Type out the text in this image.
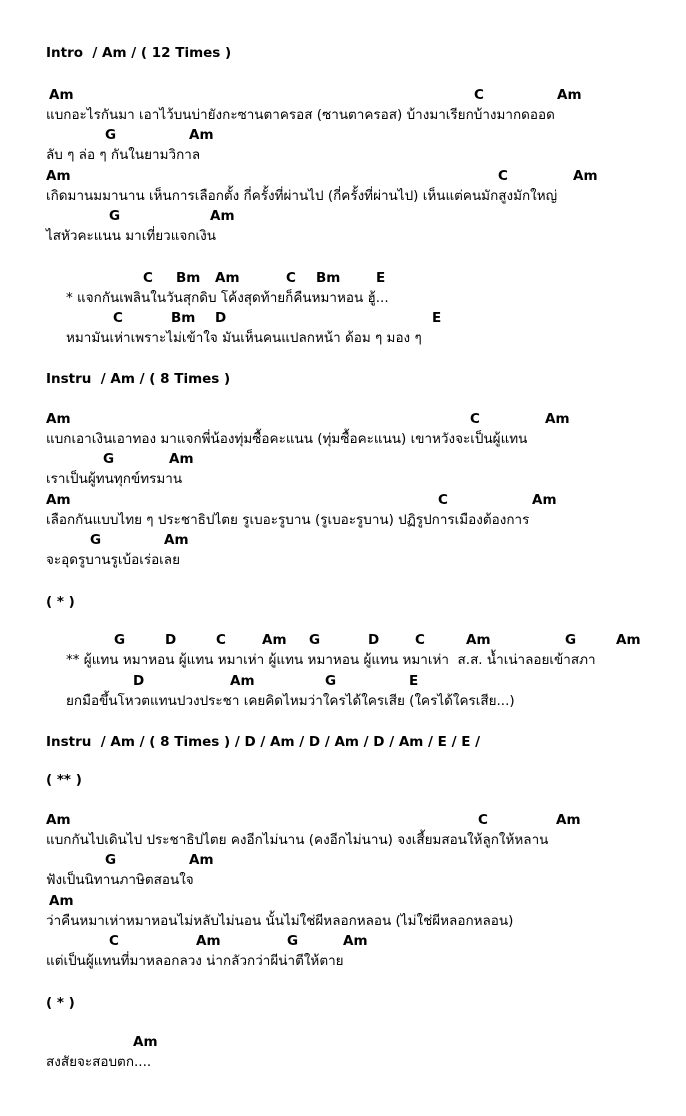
Intro  / Am / ( 12 Times )

Am

	C

	Am

แบกอะไรกันมา เอาไว้บนบ่ายังกะซานตาครอส (ซานตาครอส) บ้างมาเรียกบ้างมากดออด

G

	Am

ลับ ๆ ล่อ ๆ กันในยามวิกาล

Am

	C

	Am

เกิดมานมมานาน เห็นการเลือกตั้ง กี่ครั้งที่ผ่านไป (กี่ครั้งที่ผ่านไป) เห็นแต่คนมักสูงมักใหญ่

G

	Am

ไสหัวคะแนน มาเที่ยวแจกเงิน

C

Bm

Am

	C

Bm

	E

* แจกกันเพลินในวันสุกดิบ โค้งสุดท้ายก็คืนหมาหอน ฮู้...

C

	Bm

D

	E

หมามันเห่าเพราะไม่เข้าใจ มันเห็นคนแปลกหน้า ด้อม ๆ มอง ๆ
Instru  / Am / ( 8 Times )

Am

	C

	Am

แบกเอาเงินเอาทอง มาแจกพี่น้องทุ่มซื้อคะแนน (ทุ่มซื้อคะแนน) เขาหวังจะเป็นผู้แทน

G

	Am

เราเป็นผู้ทนทุกข์ทรมาน

Am

	C

	Am

เลือกกันแบบไทย ๆ ประชาธิปไตย รูเบอะรูบาน (รูเบอะรูบาน) ปฏิรูปการเมืองต้องการ

G

	Am

จะอุดรูบานรูเบ้อเร่อเลย
( * )

G

	D

	C

	Am

G

	D

	C

	Am

	G

	Am

** ผู้แทน หมาหอน ผู้แทน หมาเห่า ผู้แทน หมาหอน ผู้แทน หมาเห่า  ส.ส. น้ำเน่าลอยเข้าสภา

D

	Am

	G

	E

ยกมือขึ้นโหวตแทนปวงประชา เคยคิดไหมว่าใครได้ใครเสีย (ใครได้ใครเสีย...)
Instru  / Am / ( 8 Times ) / D / Am / D / Am / D / Am / E / E /
( ** )

Am

	C

	Am

แบกกันไปเดินไป ประชาธิปไตย คงอีกไม่นาน (คงอีกไม่นาน) จงเสี้ยมสอนให้ลูกให้หลาน

G

	Am

ฟังเป็นนิทานภาษิตสอนใจ

Am

ว่าคืนหมาเห่าหมาหอนไม่หลับไม่นอน นั้นไม่ใช่ผีหลอกหลอน (ไม่ใช่ผีหลอกหลอน)

C

	Am

	G

	Am

แต่เป็นผู้แทนที่มาหลอกลวง น่ากลัวกว่าผีน่าตีให้ตาย
( * )

Am

สงสัยจะสอบตก....
